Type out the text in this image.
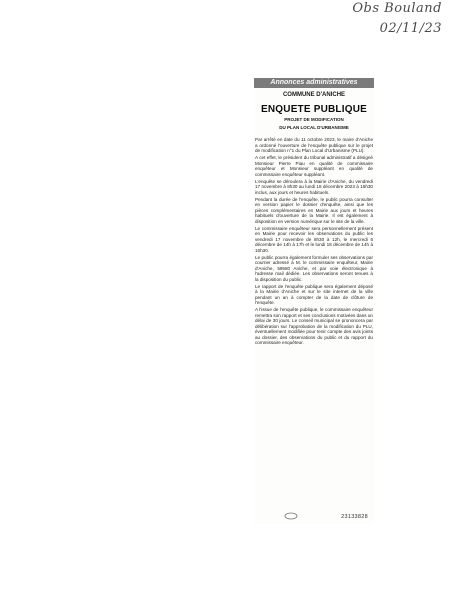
Obs Bouland
02/11/23
Annonces administratives
COMMUNE D'ANICHE
ENQUETE PUBLIQUE
PROJET DE MODIFICATION
DU PLAN LOCAL D'URBANISME

Par arrêté en date du 11 octobre 2023, le maire d'Aniche a ordonné l'ouverture de l'enquête publique sur le projet de modification n°1 du Plan Local d'Urbanisme (PLU).

A cet effet, le président du tribunal administratif a désigné Monsieur Pierre Piau en qualité de commissaire enquêteur et Monsieur suppléant en qualité de commissaire enquêteur suppléant.

L'enquête se déroulera à la Mairie d'Aniche, du vendredi 17 novembre à 8h30 au lundi 18 décembre 2023 à 16h30 inclus, aux jours et heures habituels.

Pendant la durée de l'enquête, le public pourra consulter en version papier le dossier d'enquête, ainsi que les pièces complémentaires en Mairie aux jours et heures habituels d'ouverture de la Mairie. Il est également à disposition en version numérique sur le site de la ville.

Le commissaire enquêteur sera personnellement présent en Mairie pour recevoir les observations du public les vendredi 17 novembre de 8h30 à 12h, le mercredi 6 décembre de 14h à 17h et le lundi 18 décembre de 14h à 16h30.

Le public pourra également formuler ses observations par courrier adressé à M. le commissaire enquêteur, Mairie d'Aniche, 59580 Aniche, et par voie électronique à l'adresse mail dédiée. Les observations seront tenues à la disposition du public.

Le rapport de l'enquête publique sera également déposé à la Mairie d'Aniche et sur le site internet de la ville pendant un an à compter de la date de clôture de l'enquête.

A l'issue de l'enquête publique, le commissaire enquêteur remettra son rapport et ses conclusions motivées dans un délai de 30 jours. Le conseil municipal se prononcera par délibération sur l'approbation de la modification du PLU, éventuellement modifiée pour tenir compte des avis joints au dossier, des observations du public et du rapport du commissaire enquêteur.

23133828
